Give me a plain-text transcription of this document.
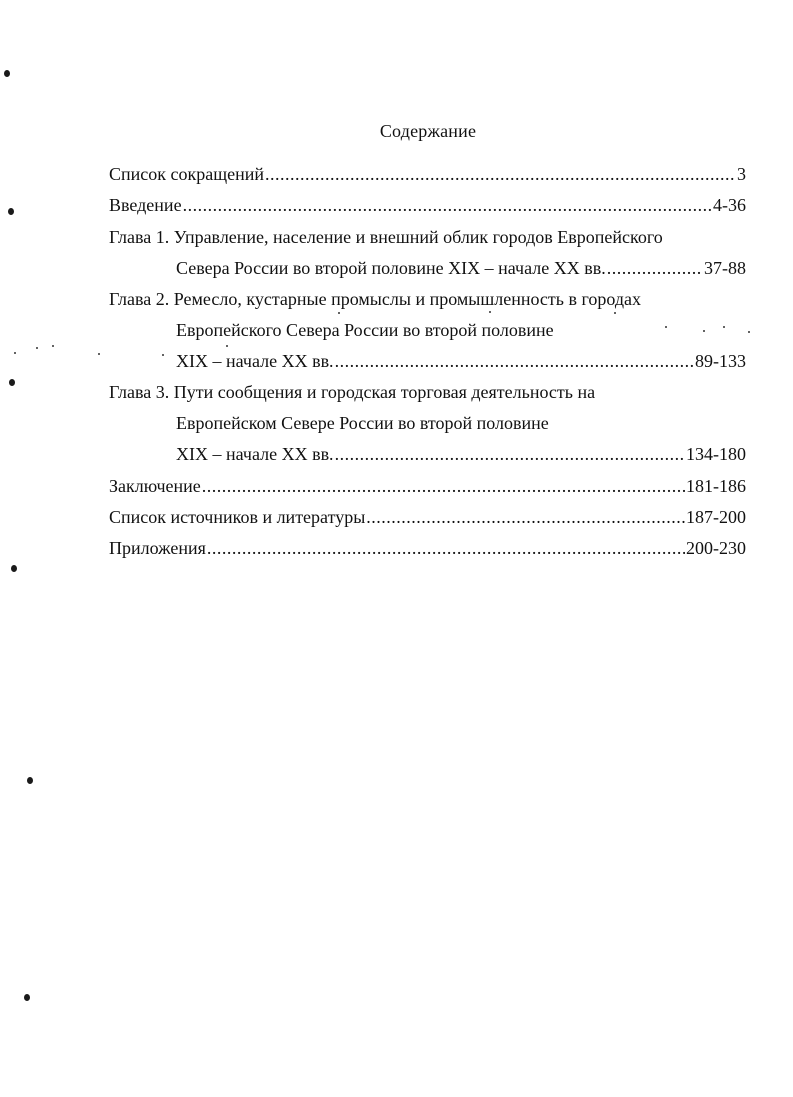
Содержание
Список сокращений .....	3
Введение .....	4-36
Глава 1. Управление, население и внешний облик городов Европейского
Севера России во второй половине XIX – начале XX вв. .....	37-88
Глава 2. Ремесло, кустарные промыслы и промышленность в городах
Европейского Севера России во второй половине
XIX – начале XX вв. .....	89-133
Глава 3. Пути сообщения и городская торговая деятельность на
Европейском Севере России во второй половине
XIX – начале XX вв. .....	134-180
Заключение .....	181-186
Список источников и литературы .....	187-200
Приложения .....	200-230
